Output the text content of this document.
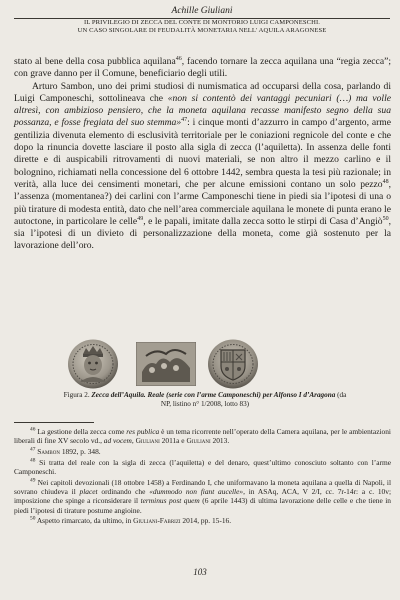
Achille Giuliani
IL PRIVILEGIO DI ZECCA DEL CONTE DI MONTORIO LUIGI CAMPONESCHI.
UN CASO SINGOLARE DI FEUDALITÀ MONETARIA NELL' AQUILA ARAGONESE

stato al bene della cosa pubblica aquilana$^{46}$, facendo tornare la zecca aquilana una “regia zecca”; con grave danno per il Comune, beneficiario degli utili.

Arturo Sambon, uno dei primi studiosi di numismatica ad occuparsi della cosa, parlando di Luigi Camponeschi, sottolineava che «non si contentò dei vantaggi pecuniari (…) ma volle altresì, con ambizioso pensiero, che la moneta aquilana recasse manifesto segno della sua possanza, e fosse fregiata del suo stemma»$^{47}$: i cinque monti d’azzurro in campo d’argento, arme gentilizia divenuta elemento di esclusività territoriale per le coniazioni regnicole del conte e che dopo la rinuncia dovette lasciare il posto alla sigla di zecca (l’aquiletta). In assenza delle fonti dirette e di auspicabili ritrovamenti di nuovi materiali, se non altro il mezzo carlino e il bolognino, richiamati nella concessione del 6 ottobre 1442, sembra questa la tesi più razionale; in verità, alla luce dei censimenti monetari, che per alcune emissioni contano un solo pezzo$^{48}$, l’assenza (momentanea?) dei carlini con l’arme Camponeschi tiene in piedi sia l’ipotesi di una o più tirature di modesta entità, dato che nell’area commerciale aquilana le monete di punta erano le autoctone, in particolare le celle$^{49}$, e le papali, imitate dalla zecca sotto le stirpi di Casa d’Angiò$^{50}$, sia l’ipotesi di un divieto di personalizzazione della moneta, come già sostenuto per la lavorazione dell’oro.

Figura 2. Zecca dell’Aquila. Reale (serie con l’arme Camponeschi) per Alfonso I d’Aragona (da NP, listino n° 1/2008, lotto 83)

$^{46}$ La gestione della zecca come res publica è un tema ricorrente nell’operato della Camera aquilana, per le ambientazioni liberali di fine XV secolo vd., ad vocem, Giuliani 2011a e Giuliani 2013.

$^{47}$ Sambon 1892, p. 348.

$^{48}$ Si tratta del reale con la sigla di zecca (l’aquiletta) e del denaro, quest’ultimo conosciuto soltanto con l’arme Camponeschi.

$^{49}$ Nei capitoli devozionali (18 ottobre 1458) a Ferdinando I, che uniformavano la moneta aquilana a quella di Napoli, il sovrano chiudeva il placet ordinando che «dummodo non fiant aucelle», in ASAq, ACA, V 2/I, cc. 7r-14r: a c. 10v; imposizione che spinge a riconsiderare il terminus post quem (6 aprile 1443) di ultima lavorazione delle celle e che tiene in piedi l’ipotesi di tirature postume angioine.

$^{50}$ Aspetto rimarcato, da ultimo, in Giuliani-Fabrizi 2014, pp. 15-16.

103
